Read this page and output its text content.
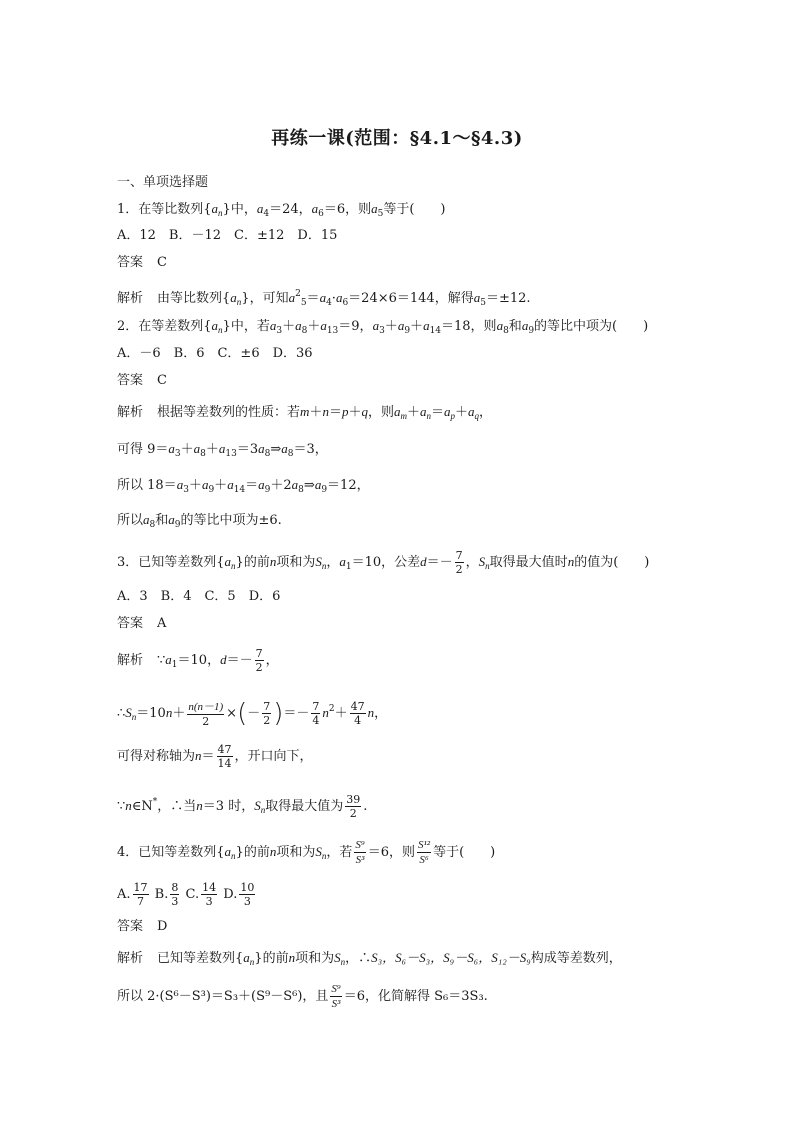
再练一课(范围：§4.1～§4.3)
一、单项选择题
1．在等比数列$\{a_n\}$中，$a_4=24$，$a_6=6$，则$a_5$等于(　　)
A．12　B．－12　C．±12　D．15
答案 C
解析 由等比数列$\{a_n\}$，可知$a^2_5=a_4\cdot a_6=24\times 6=144$，解得$a_5=\pm 12$.
2．在等差数列$\{a_n\}$中，若$a_3+a_8+a_{13}=9$，$a_3+a_9+a_{14}=18$，则$a_8$和$a_9$的等比中项为(　　)
A．－6　B．6　C．±6　D．36
答案 C
解析 根据等差数列的性质：若m＋n＝p＋q，则$a_m+a_n=a_p+a_q$，
可得 $9=a_3+a_8+a_{13}=3a_8\Rightarrow a_8=3$，
所以 $18=a_3+a_9+a_{14}=a_9+2a_8\Rightarrow a_9=12$，
所以$a_8$和$a_9$的等比中项为±6.
3．已知等差数列$\{a_n\}$的前n项和为$S_n$，$a_1=10$，公差$d=- \frac{7}{2}$ ，$S_n$取得最大值时n的值为(　　)
A．3　B．4　C．5　D．6
答案 A
解析 $\because a_1=10$，$d=- \frac{7}{2}$ ，
$\therefore S_n=10n+ \frac{n(n-1)}{2}$ ×(－ $\frac{7}{2}$ )＝－ $\frac{7}{4} n^2+ \frac{47}{4}$ n，
可得对称轴为$n= \frac{47}{14}$ ，开口向下，
∵n∈N*，∴当n＝3 时，$S_n$取得最大值为 $\frac{39}{2}$ .
4．已知等差数列$\{a_n\}$的前n项和为$S_n$，若 $\frac{\text{S⁹}}{\text{S³}} =6$，则 $\frac{\text{S¹²}}{\text{S⁶}}$ 等于(　　)
A. $\frac{17}{7} B$. $\frac{8}{3} C$. $\frac{14}{3} D$. $\frac{10}{3}$
答案 D
解析 已知等差数列$\{a_n\}$的前n项和为$S_n$，∴S₃，S₆－S₃，S₉－S₆，S₁₂－S₉构成等差数列，
所以 2·(S⁶－S³)＝S₃＋(S⁹－S⁶)，且 $\frac{\text{S⁹}}{\text{S³}} =6$，化简解得 S₆＝3S₃.
